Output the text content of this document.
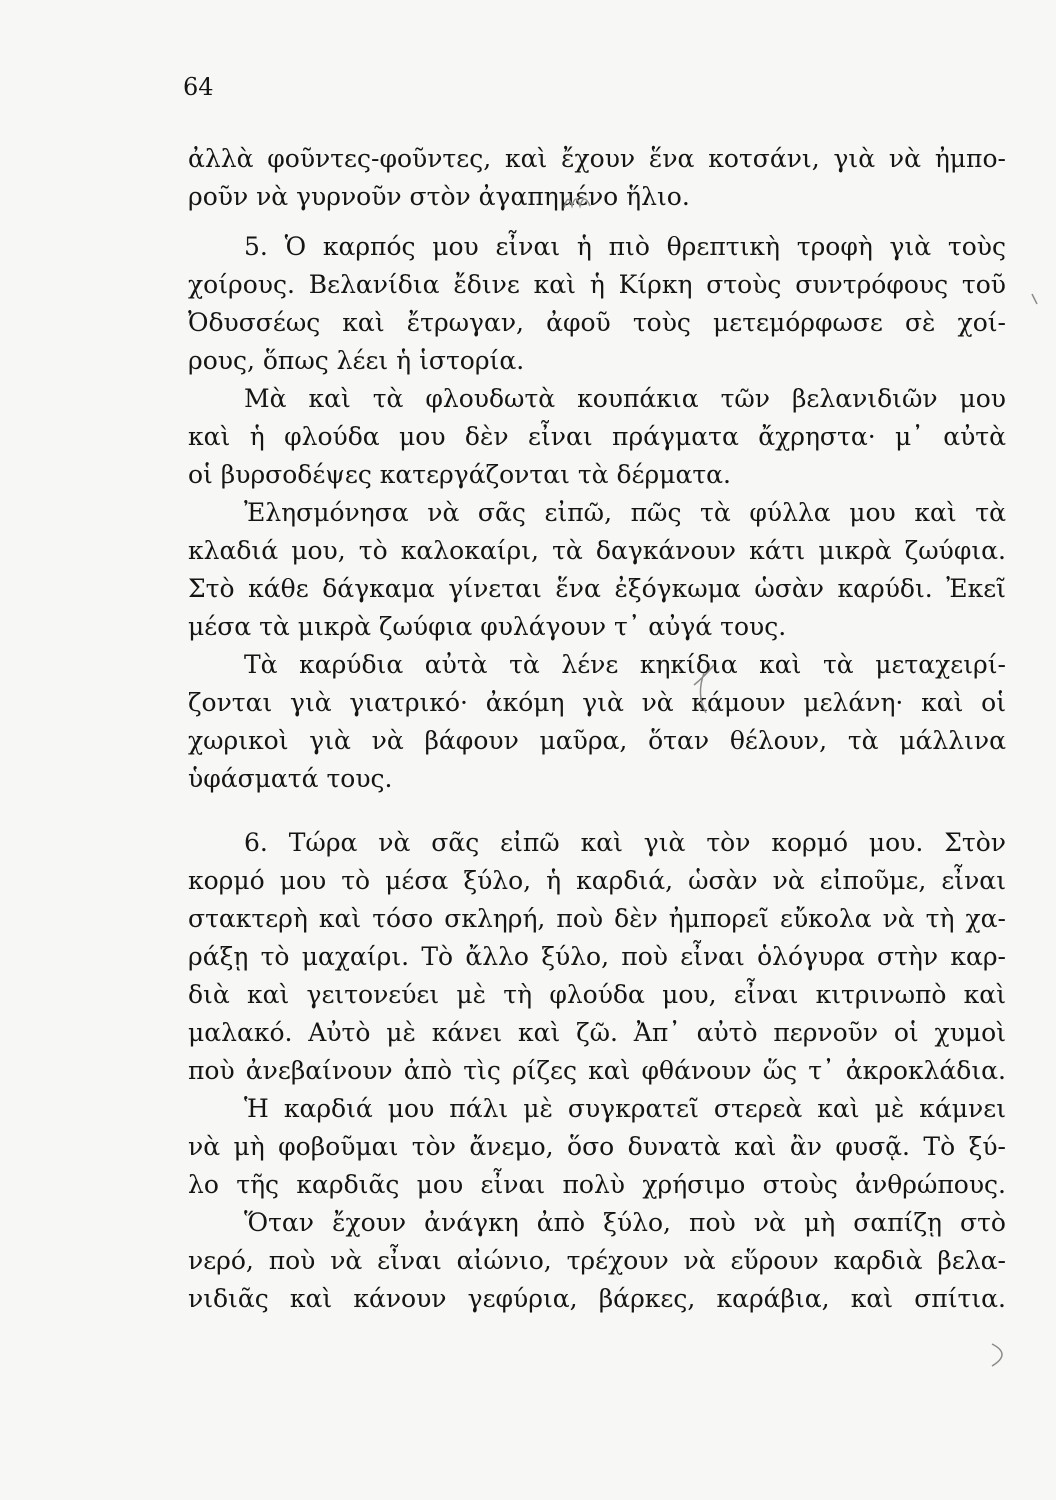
64
ἀλλὰ φοῦντες-φοῦντες, καὶ ἔχουν ἕνα κοτσάνι, γιὰ νὰ ἠμπο-
ροῦν νὰ γυρνοῦν στὸν ἀγαπημένο ἥλιο.
5. Ὁ καρπός μου εἶναι ἡ πιὸ θρεπτικὴ τροφὴ γιὰ τοὺς
χοίρους. Βελανίδια ἔδινε καὶ ἡ Κίρκη στοὺς συντρόφους τοῦ
Ὀδυσσέως καὶ ἔτρωγαν, ἀφοῦ τοὺς μετεμόρφωσε σὲ χοί-
ρους, ὅπως λέει ἡ ἱστορία.
Μὰ καὶ τὰ φλουδωτὰ κουπάκια τῶν βελανιδιῶν μου
καὶ ἡ φλούδα μου δὲν εἶναι πράγματα ἄχρηστα· μ᾽ αὐτὰ
οἱ βυρσοδέψες κατεργάζονται τὰ δέρματα.
Ἐλησμόνησα νὰ σᾶς εἰπῶ, πῶς τὰ φύλλα μου καὶ τὰ
κλαδιά μου, τὸ καλοκαίρι, τὰ δαγκάνουν κάτι μικρὰ ζωύφια.
Στὸ κάθε δάγκαμα γίνεται ἕνα ἐξόγκωμα ὡσὰν καρύδι. Ἐκεῖ
μέσα τὰ μικρὰ ζωύφια φυλάγουν τ᾽ αὐγά τους.
Τὰ καρύδια αὐτὰ τὰ λένε κηκίδια καὶ τὰ μεταχειρί-
ζονται γιὰ γιατρικό· ἀκόμη γιὰ νὰ κάμουν μελάνη· καὶ οἱ
χωρικοὶ γιὰ νὰ βάφουν μαῦρα, ὅταν θέλουν, τὰ μάλλινα
ὑφάσματά τους.
6. Τώρα νὰ σᾶς εἰπῶ καὶ γιὰ τὸν κορμό μου. Στὸν
κορμό μου τὸ μέσα ξύλο, ἡ καρδιά, ὡσὰν νὰ εἰποῦμε, εἶναι
στακτερὴ καὶ τόσο σκληρή, ποὺ δὲν ἠμπορεῖ εὔκολα νὰ τὴ χα-
ράξῃ τὸ μαχαίρι. Τὸ ἄλλο ξύλο, ποὺ εἶναι ὁλόγυρα στὴν καρ-
διὰ καὶ γειτονεύει μὲ τὴ φλούδα μου, εἶναι κιτρινωπὸ καὶ
μαλακό. Αὐτὸ μὲ κάνει καὶ ζῶ. Ἀπ᾽ αὐτὸ περνοῦν οἱ χυμοὶ
ποὺ ἀνεβαίνουν ἀπὸ τὶς ρίζες καὶ φθάνουν ὥς τ᾽ ἀκροκλάδια.
Ἡ καρδιά μου πάλι μὲ συγκρατεῖ στερεὰ καὶ μὲ κάμνει
νὰ μὴ φοβοῦμαι τὸν ἄνεμο, ὅσο δυνατὰ καὶ ἂν φυσᾷ. Τὸ ξύ-
λο τῆς καρδιᾶς μου εἶναι πολὺ χρήσιμο στοὺς ἀνθρώπους.
Ὅταν ἔχουν ἀνάγκη ἀπὸ ξύλο, ποὺ νὰ μὴ σαπίζῃ στὸ
νερό, ποὺ νὰ εἶναι αἰώνιο, τρέχουν νὰ εὕρουν καρδιὰ βελα-
νιδιᾶς καὶ κάνουν γεφύρια, βάρκες, καράβια, καὶ σπίτια.
